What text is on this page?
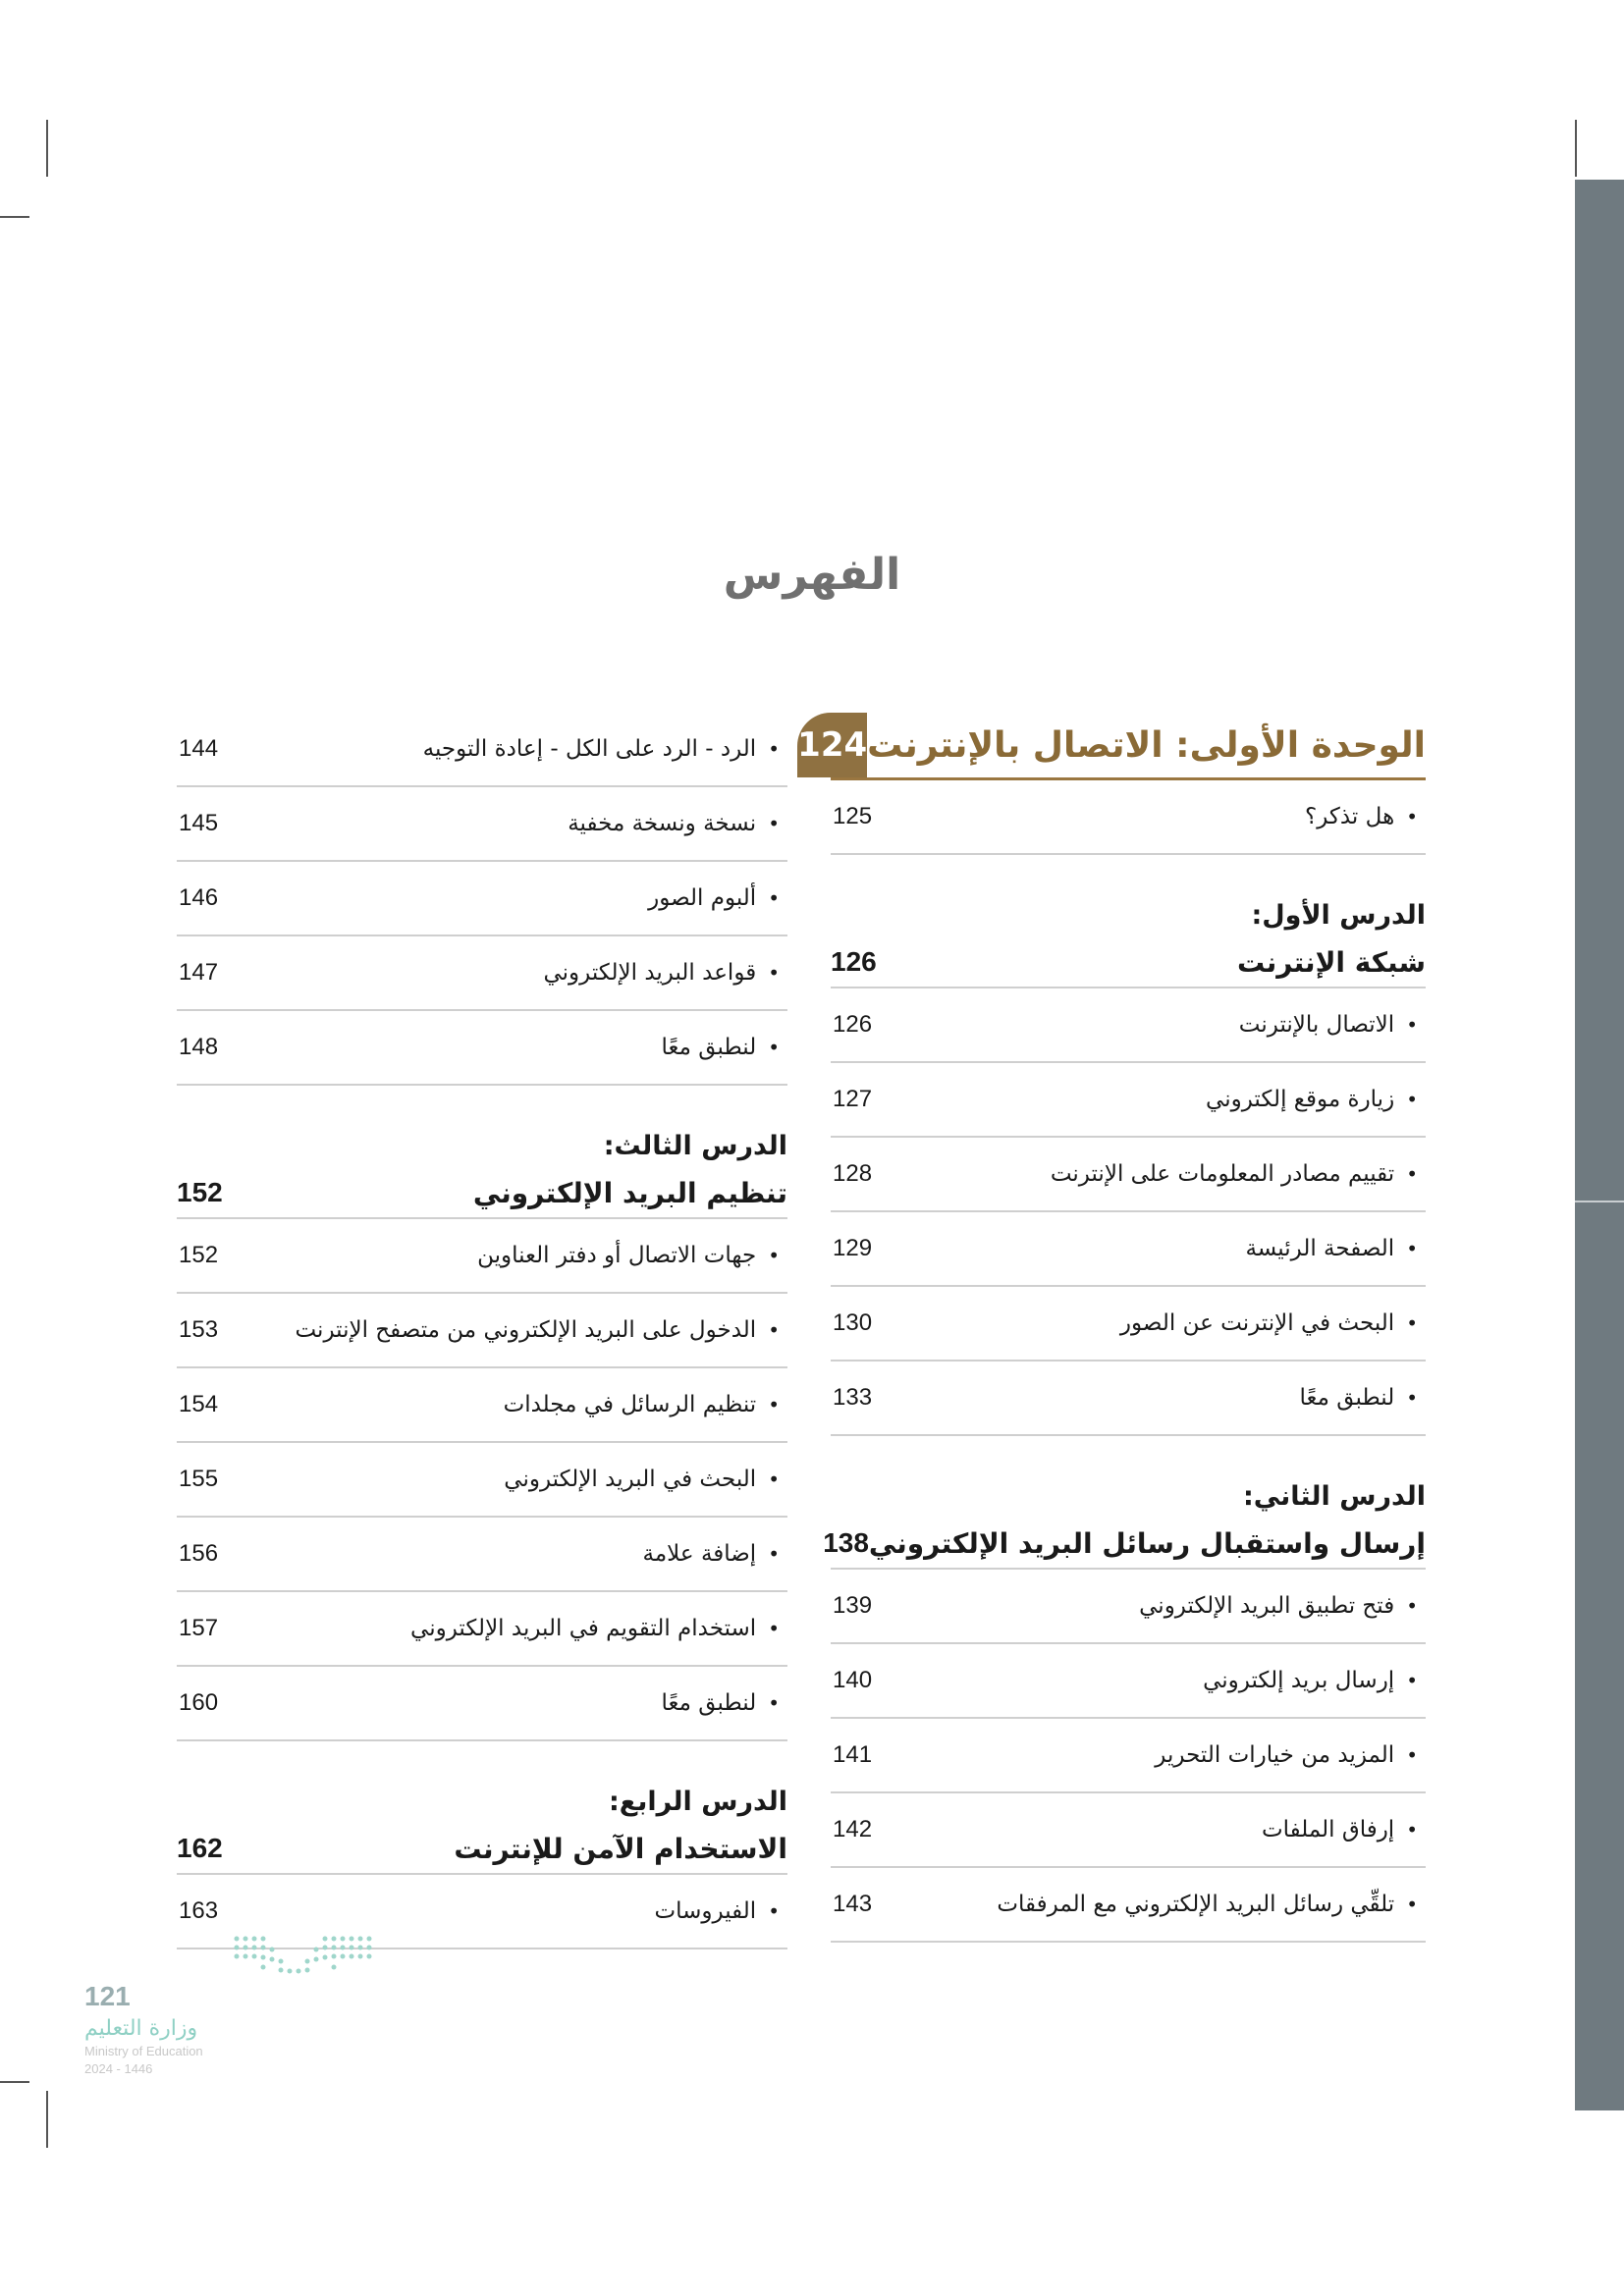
الفهرس
الوحدة الأولى: الاتصال بالإنترنت
124
•هل تذكر؟
125
الدرس الأول:
شبكة الإنترنت
126
•الاتصال بالإنترنت
126
•زيارة موقع إلكتروني
127
•تقييم مصادر المعلومات على الإنترنت
128
•الصفحة الرئيسة
129
•البحث في الإنترنت عن الصور
130
•لنطبق معًا
133
الدرس الثاني:
إرسال واستقبال رسائل البريد الإلكتروني
138
•فتح تطبيق البريد الإلكتروني
139
•إرسال بريد إلكتروني
140
•المزيد من خيارات التحرير
141
•إرفاق الملفات
142
•تلقِّي رسائل البريد الإلكتروني مع المرفقات
143
•الرد - الرد على الكل - إعادة التوجيه
144
•نسخة ونسخة مخفية
145
•ألبوم الصور
146
•قواعد البريد الإلكتروني
147
•لنطبق معًا
148
الدرس الثالث:
تنظيم البريد الإلكتروني
152
•جهات الاتصال أو دفتر العناوين
152
•الدخول على البريد الإلكتروني من متصفح الإنترنت
153
•تنظيم الرسائل في مجلدات
154
•البحث في البريد الإلكتروني
155
•إضافة علامة
156
•استخدام التقويم في البريد الإلكتروني
157
•لنطبق معًا
160
الدرس الرابع:
الاستخدام الآمن للإنترنت
162
•الفيروسات
163
121
وزارة التعليم
Ministry of Education
2024 - 1446
